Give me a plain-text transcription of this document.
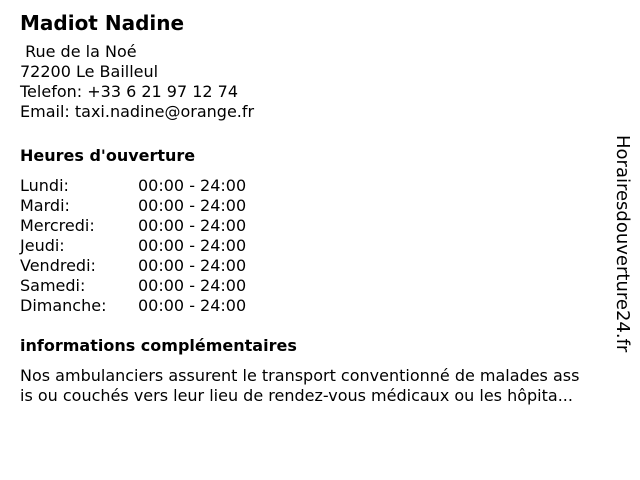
Madiot Nadine
Rue de la Noé
72200 Le Bailleul
Telefon: +33 6 21 97 12 74
Email: taxi.nadine@orange.fr
Heures d'ouverture
Lundi:	00:00 - 24:00
Mardi:	00:00 - 24:00
Mercredi:	00:00 - 24:00
Jeudi:	00:00 - 24:00
Vendredi:	00:00 - 24:00
Samedi:	00:00 - 24:00
Dimanche:	00:00 - 24:00
informations complémentaires
Nos ambulanciers assurent le transport conventionné de malades ass
is ou couchés vers leur lieu de rendez-vous médicaux ou les hôpita...
Horairesdouverture24.fr
